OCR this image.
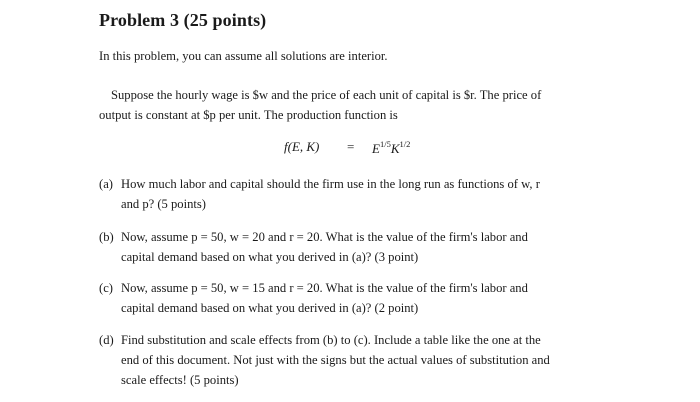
Problem 3 (25 points)
In this problem, you can assume all solutions are interior.
Suppose the hourly wage is $w and the price of each unit of capital is $r. The price of
output is constant at $p per unit. The production function is
f(E, $K) = E^{1/5}K^{1/2}$
(a) How much labor and capital should the firm use in the long run as functions of w, r
and p? (5 points)
(b) Now, assume p = 50, w = 20 and r = 20. What is the value of the firm's labor and
capital demand based on what you derived in (a)? (3 point)
(c) Now, assume p = 50, w = 15 and r = 20. What is the value of the firm's labor and
capital demand based on what you derived in (a)? (2 point)
(d) Find substitution and scale effects from (b) to (c). Include a table like the one at the
end of this document. Not just with the signs but the actual values of substitution and
scale effects! (5 points)
